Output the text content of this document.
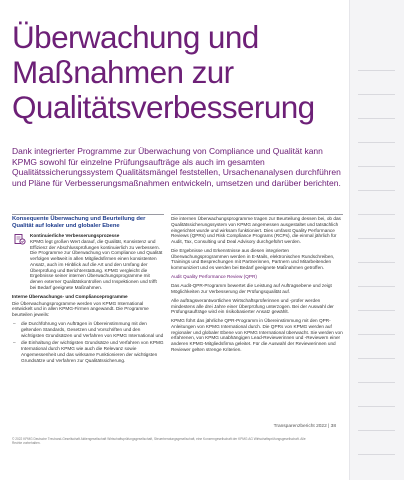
Überwachung und
Maßnahmen zur
Qualitätsverbesserung

Dank integrierter Programme zur Überwachung von Compliance und Qualität kann KPMG sowohl für einzelne Prüfungsaufträge als auch im gesamten Qualitätssicherungssystem Qualitätsmängel feststellen, Ursachenanalysen durchführen und Pläne für Verbesserungsmaßnahmen entwickeln, umsetzen und darüber berichten.

Konsequente Überwachung und Beurteilung der Qualität auf lokaler und globaler Ebene

Kontinuierliche Verbesserungsprozesse

KPMG legt großen Wert darauf, die Qualität, Konsistenz und Effizienz der Abschlussprüfungen kontinuierlich zu verbessern. Die Programme zur Überwachung von Compliance und Qualität verfolgen weltweit in allen Mitgliedsfirmen einen konsistenten Ansatz, auch im Hinblick auf die Art und den Umfang der Überprüfung und Berichterstattung. KPMG vergleicht die Ergebnisse seiner internen Überwachungsprogramme mit denen externer Qualitätskontrollen und Inspektionen und trifft bei Bedarf geeignete Maßnahmen.

Interne Überwachungs- und Complianceprogramme

Die Überwachungsprogramme werden von KPMG International entwickelt und in allen KPMG-Firmen angewandt. Die Programme beurteilen jeweils:

– die Durchführung von Aufträgen in Übereinstimmung mit den geltenden Standards, Gesetzen und Vorschriften und den wichtigsten Grundsätzen und Verfahren von KPMG International und
– die Einhaltung der wichtigsten Grundsätze und Verfahren von KPMG International durch KPMG wie auch die Relevanz sowie Angemessenheit und das wirksame Funktionieren der wichtigsten Grundsätze und Verfahren zur Qualitätssicherung.

Die internen Überwachungsprogramme tragen zur Beurteilung dessen bei, ob das Qualitätssicherungssystem von KPMG angemessen ausgestaltet und tatsächlich eingerichtet wurde und wirksam funktioniert. Dies umfasst Quality Performance Reviews (QPRs) und Risk Compliance Programs (RCPs), die einmal jährlich für Audit, Tax, Consulting und Deal Advisory durchgeführt werden.

Die Ergebnisse und Erkenntnisse aus diesen integrierten Überwachungsprogrammen werden in E-Mails, elektronischen Rundschreiben, Trainings und Besprechungen mit Partnerinnen, Partnern und Mitarbeitenden kommuniziert und es werden bei Bedarf geeignete Maßnahmen getroffen.

Audit Quality Performance Review (QPR)

Das Audit-QPR-Programm bewertet die Leistung auf Auftragsebene und zeigt Möglichkeiten zur Verbesserung der Prüfungsqualität auf.

Alle auftragsverantwortlichen Wirtschaftsprüferinnen und -prüfer werden mindestens alle drei Jahre einer Überprüfung unterzogen. Bei der Auswahl der Prüfungsaufträge wird ein risikobasierter Ansatz gewählt.

KPMG führt das jährliche QPR-Programm in Übereinstimmung mit den QPR-Anleitungen von KPMG International durch. Die QPRs von KPMG werden auf regionaler und globaler Ebene von KPMG International überwacht. Sie werden von erfahrenen, von KPMG unabhängigen Lead-Reviewerinnen und -Reviewern einer anderen KPMG-Mitgliedsfirma geleitet. Für die Auswahl der Reviewerinnen und Reviewer gelten strenge Kriterien.

Transparenzbericht 2022 | 38
© 2022 KPMG Deutsche Treuhand-Gesellschaft Aktiengesellschaft Wirtschaftsprüfungsgesellschaft, Steuerberatungsgesellschaft, eine Konzerngesellschaft der KPMG AG Wirtschaftsprüfungsgesellschaft. Alle Rechte vorbehalten.
